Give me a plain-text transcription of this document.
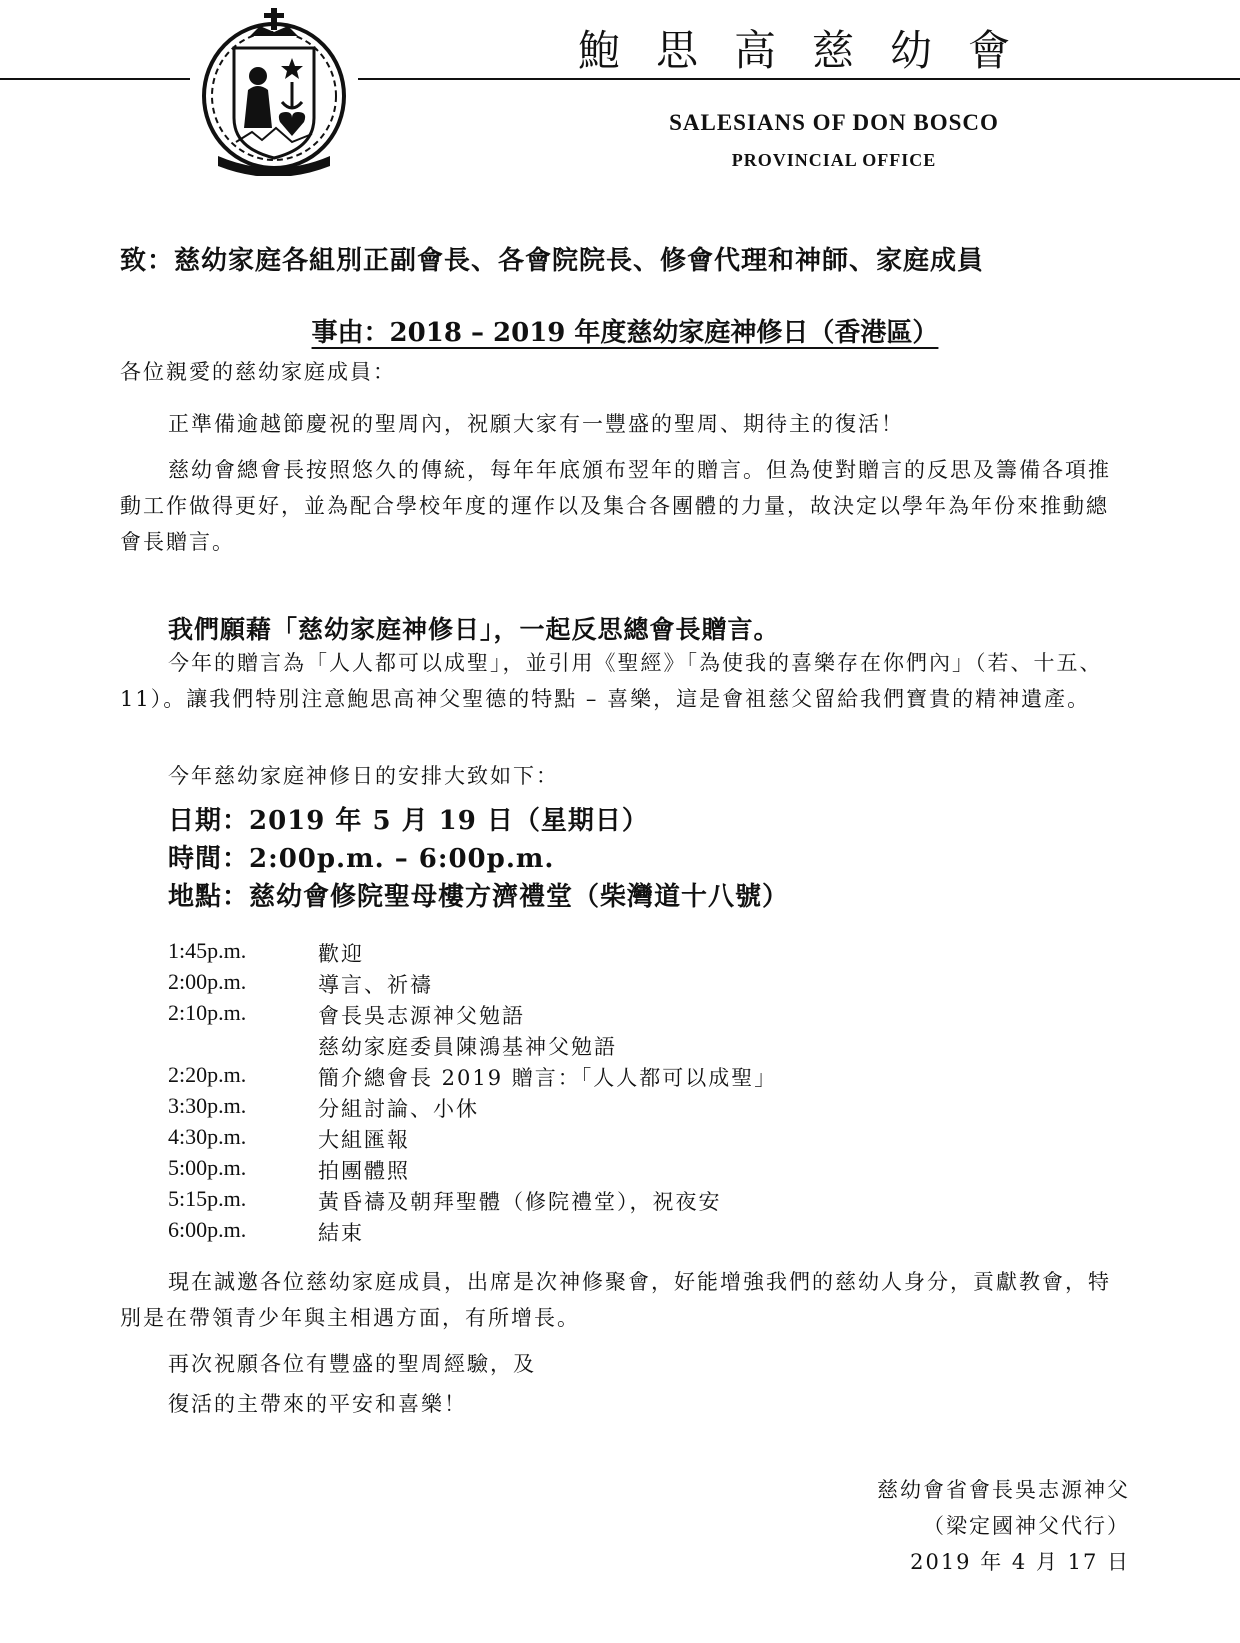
鮑思高慈幼會
SALESIANS OF DON BOSCO
PROVINCIAL OFFICE
致：慈幼家庭各組別正副會長、各會院院長、修會代理和神師、家庭成員
事由：2018 – 2019 年度慈幼家庭神修日（香港區）
各位親愛的慈幼家庭成員：
正準備逾越節慶祝的聖周內，祝願大家有一豐盛的聖周、期待主的復活！
慈幼會總會長按照悠久的傳統，每年年底頒布翌年的贈言。但為使對贈言的反思及籌備各項推動工作做得更好，並為配合學校年度的運作以及集合各團體的力量，故決定以學年為年份來推動總會長贈言。
我們願藉「慈幼家庭神修日」，一起反思總會長贈言。
今年的贈言為「人人都可以成聖」，並引用《聖經》「為使我的喜樂存在你們內」（若、十五、11）。讓我們特別注意鮑思高神父聖德的特點 – 喜樂，這是會祖慈父留給我們寶貴的精神遺產。
今年慈幼家庭神修日的安排大致如下：
日期：2019 年 5 月 19 日（星期日）
時間：2:00p.m. – 6:00p.m.
地點：慈幼會修院聖母樓方濟禮堂（柴灣道十八號）
1:45p.m.	歡迎
2:00p.m.	導言、祈禱
2:10p.m.	會長吳志源神父勉語
慈幼家庭委員陳鴻基神父勉語
2:20p.m.	簡介總會長 2019 贈言：「人人都可以成聖」
3:30p.m.	分組討論、小休
4:30p.m.	大組匯報
5:00p.m.	拍團體照
5:15p.m.	黃昏禱及朝拜聖體（修院禮堂），祝夜安
6:00p.m.	結束
現在誠邀各位慈幼家庭成員，出席是次神修聚會，好能增強我們的慈幼人身分，貢獻教會，特別是在帶領青少年與主相遇方面，有所增長。
再次祝願各位有豐盛的聖周經驗，及
復活的主帶來的平安和喜樂！
慈幼會省會長吳志源神父
（梁定國神父代行）
2019 年 4 月 17 日
